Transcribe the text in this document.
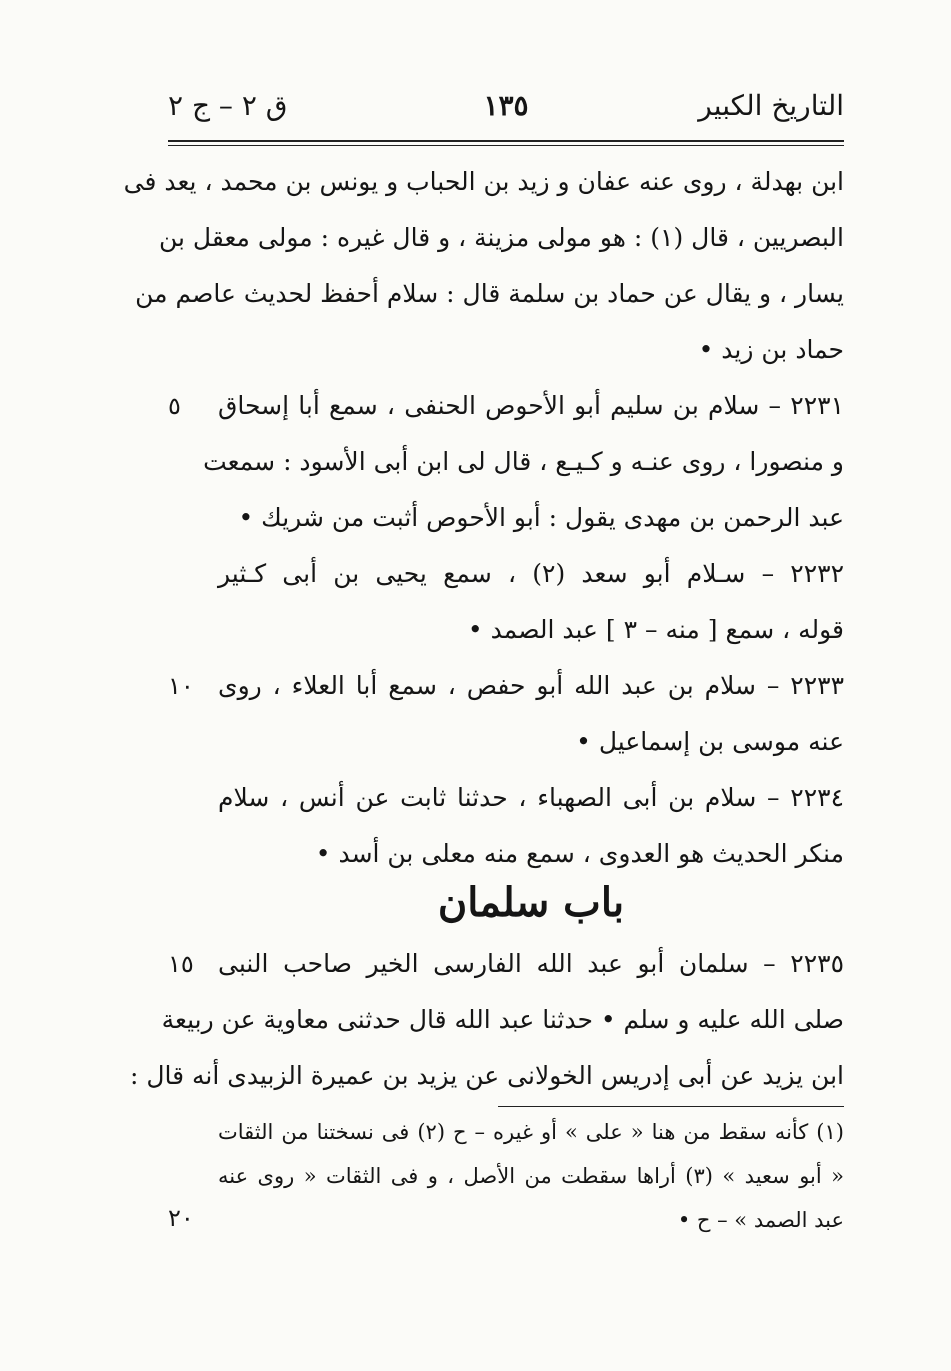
التاريخ الكبير
١٣٥
ق ٢ – ج ٢
ابن بهدلة ، روى عنه عفان و زيد بن الحباب و يونس بن محمد ، يعد فى
البصريين ، قال (١) : هو مولى مزينة ، و قال غيره : مولى معقل بن
يسار ، و يقال عن حماد بن سلمة قال : سلام أحفظ لحديث عاصم من
حماد بن زيد •
٢٢٣١ – سلام بن سليم أبو الأحوص الحنفى ، سمع أبا إسحاق
٥
و منصورا ، روى عنـه و كـيـع ، قال لى ابن أبى الأسود : سمعت
عبد الرحمن بن مهدى يقول : أبو الأحوص أثبت من شريك •
٢٢٣٢ – سـلام أبو سعد (٢) ، سمع يحيى بن أبى كـثير
قوله ، سمع [ منه – ٣ ] عبد الصمد •
٢٢٣٣ – سلام بن عبد الله أبو حفص ، سمع أبا العلاء ، روى
١٠
عنه موسى بن إسماعيل •
٢٢٣٤ – سلام بن أبى الصهباء ، حدثنا ثابت عن أنس ، سلام
منكر الحديث هو العدوى ، سمع منه معلى بن أسد •
باب سلمان
٢٢٣٥ – سلمان أبو عبد الله الفارسى الخير صاحب النبى
١٥
صلى الله عليه و سلم • حدثنا عبد الله قال حدثنى معاوية عن ربيعة
ابن يزيد عن أبى إدريس الخولانى عن يزيد بن عميرة الزبيدى أنه قال :
(١) كأنه سقط من هنا « على » أو غيره – ح (٢) فى نسختنا من الثقات
« أبو سعيد » (٣) أراها سقطت من الأصل ، و فى الثقات « روى عنه
عبد الصمد » – ح •
٢٠
